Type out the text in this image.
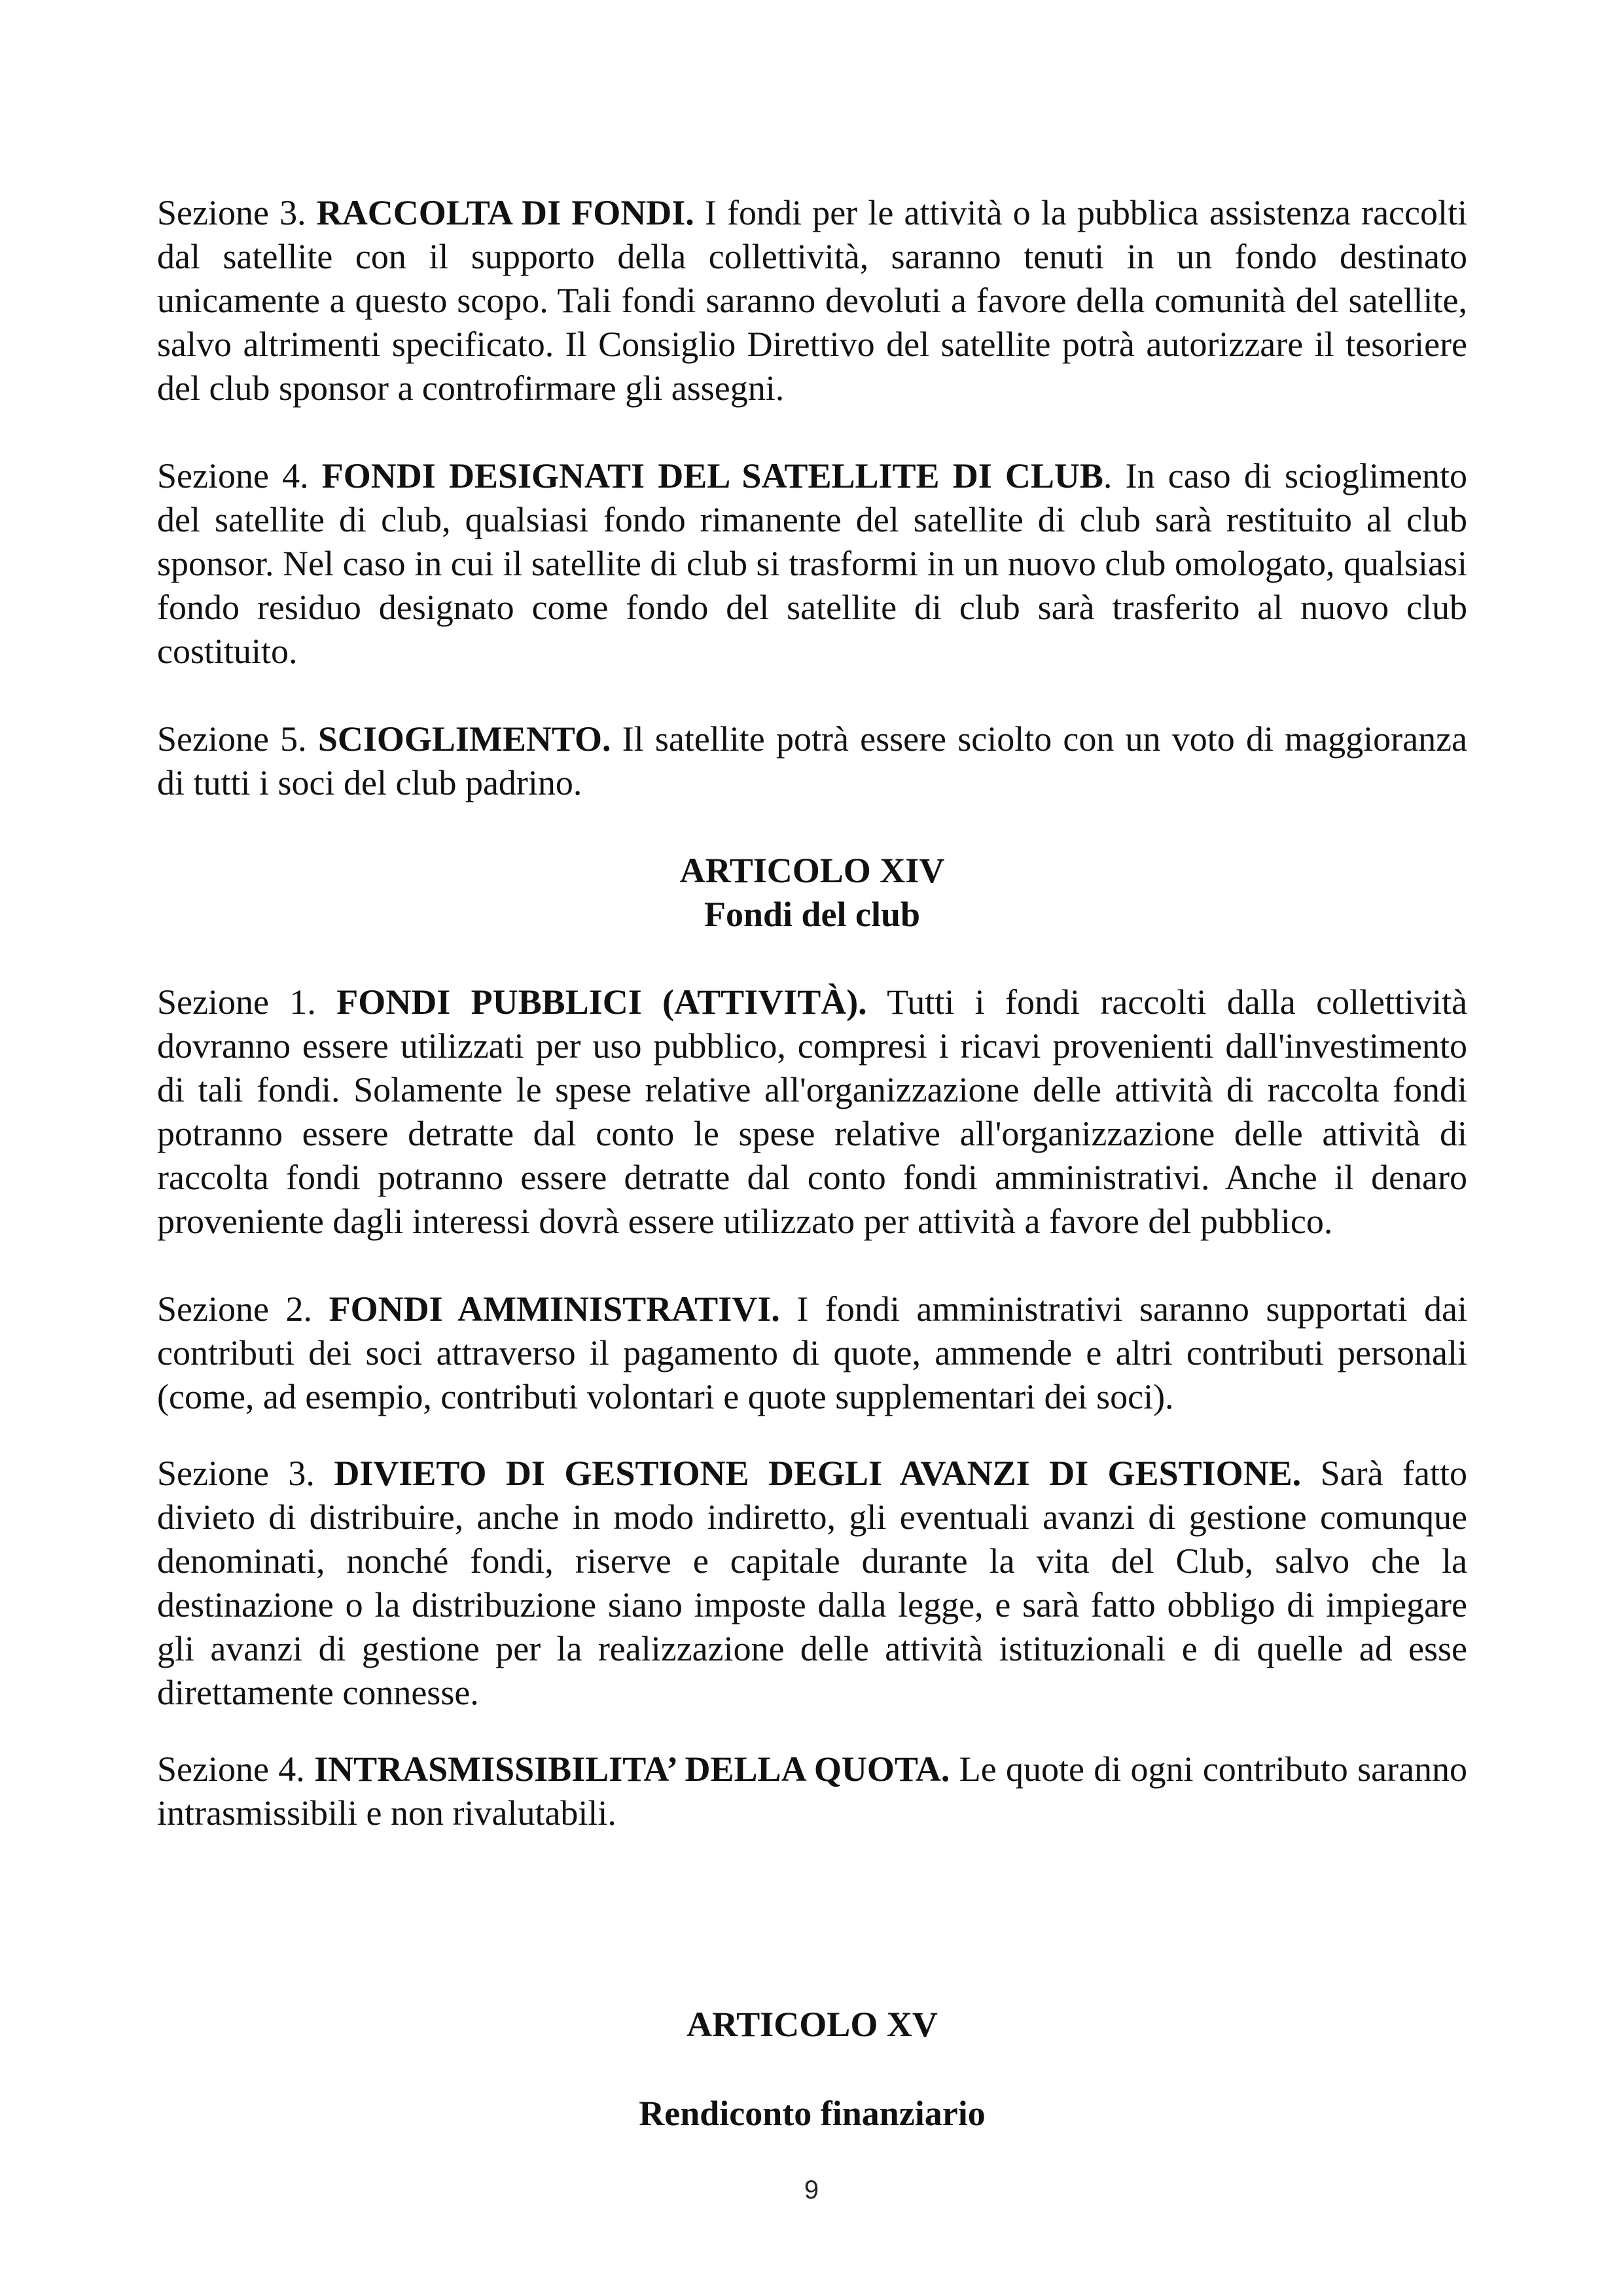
Sezione 3. RACCOLTA DI FONDI. I fondi per le attività o la pubblica assistenza raccolti dal satellite con il supporto della collettività, saranno tenuti in un fondo destinato unicamente a questo scopo. Tali fondi saranno devoluti a favore della comunità del satellite, salvo altrimenti specificato. Il Consiglio Direttivo del satellite potrà autorizzare il tesoriere del club sponsor a controfirmare gli assegni.

Sezione 4. FONDI DESIGNATI DEL SATELLITE DI CLUB. In caso di scioglimento del satellite di club, qualsiasi fondo rimanente del satellite di club sarà restituito al club sponsor. Nel caso in cui il satellite di club si trasformi in un nuovo club omologato, qualsiasi fondo residuo designato come fondo del satellite di club sarà trasferito al nuovo club costituito.

Sezione 5. SCIOGLIMENTO. Il satellite potrà essere sciolto con un voto di maggioranza di tutti i soci del club padrino.

ARTICOLO XIV

Fondi del club

Sezione 1. FONDI PUBBLICI (ATTIVITÀ). Tutti i fondi raccolti dalla collettività dovranno essere utilizzati per uso pubblico, compresi i ricavi provenienti dall'investimento di tali fondi. Solamente le spese relative all'organizzazione delle attività di raccolta fondi potranno essere detratte dal conto le spese relative all'organizzazione delle attività di raccolta fondi potranno essere detratte dal conto fondi amministrativi. Anche il denaro proveniente dagli interessi dovrà essere utilizzato per attività a favore del pubblico.

Sezione 2. FONDI AMMINISTRATIVI. I fondi amministrativi saranno supportati dai contributi dei soci attraverso il pagamento di quote, ammende e altri contributi personali (come, ad esempio, contributi volontari e quote supplementari dei soci).

Sezione 3. DIVIETO DI GESTIONE DEGLI AVANZI DI GESTIONE. Sarà fatto divieto di distribuire, anche in modo indiretto, gli eventuali avanzi di gestione comunque denominati, nonché fondi, riserve e capitale durante la vita del Club, salvo che la destinazione o la distribuzione siano imposte dalla legge, e sarà fatto obbligo di impiegare gli avanzi di gestione per la realizzazione delle attività istituzionali e di quelle ad esse direttamente connesse.

Sezione 4. INTRASMISSIBILITA’ DELLA QUOTA. Le quote di ogni contributo saranno intrasmissibili e non rivalutabili.

ARTICOLO XV
Rendiconto finanziario
9
